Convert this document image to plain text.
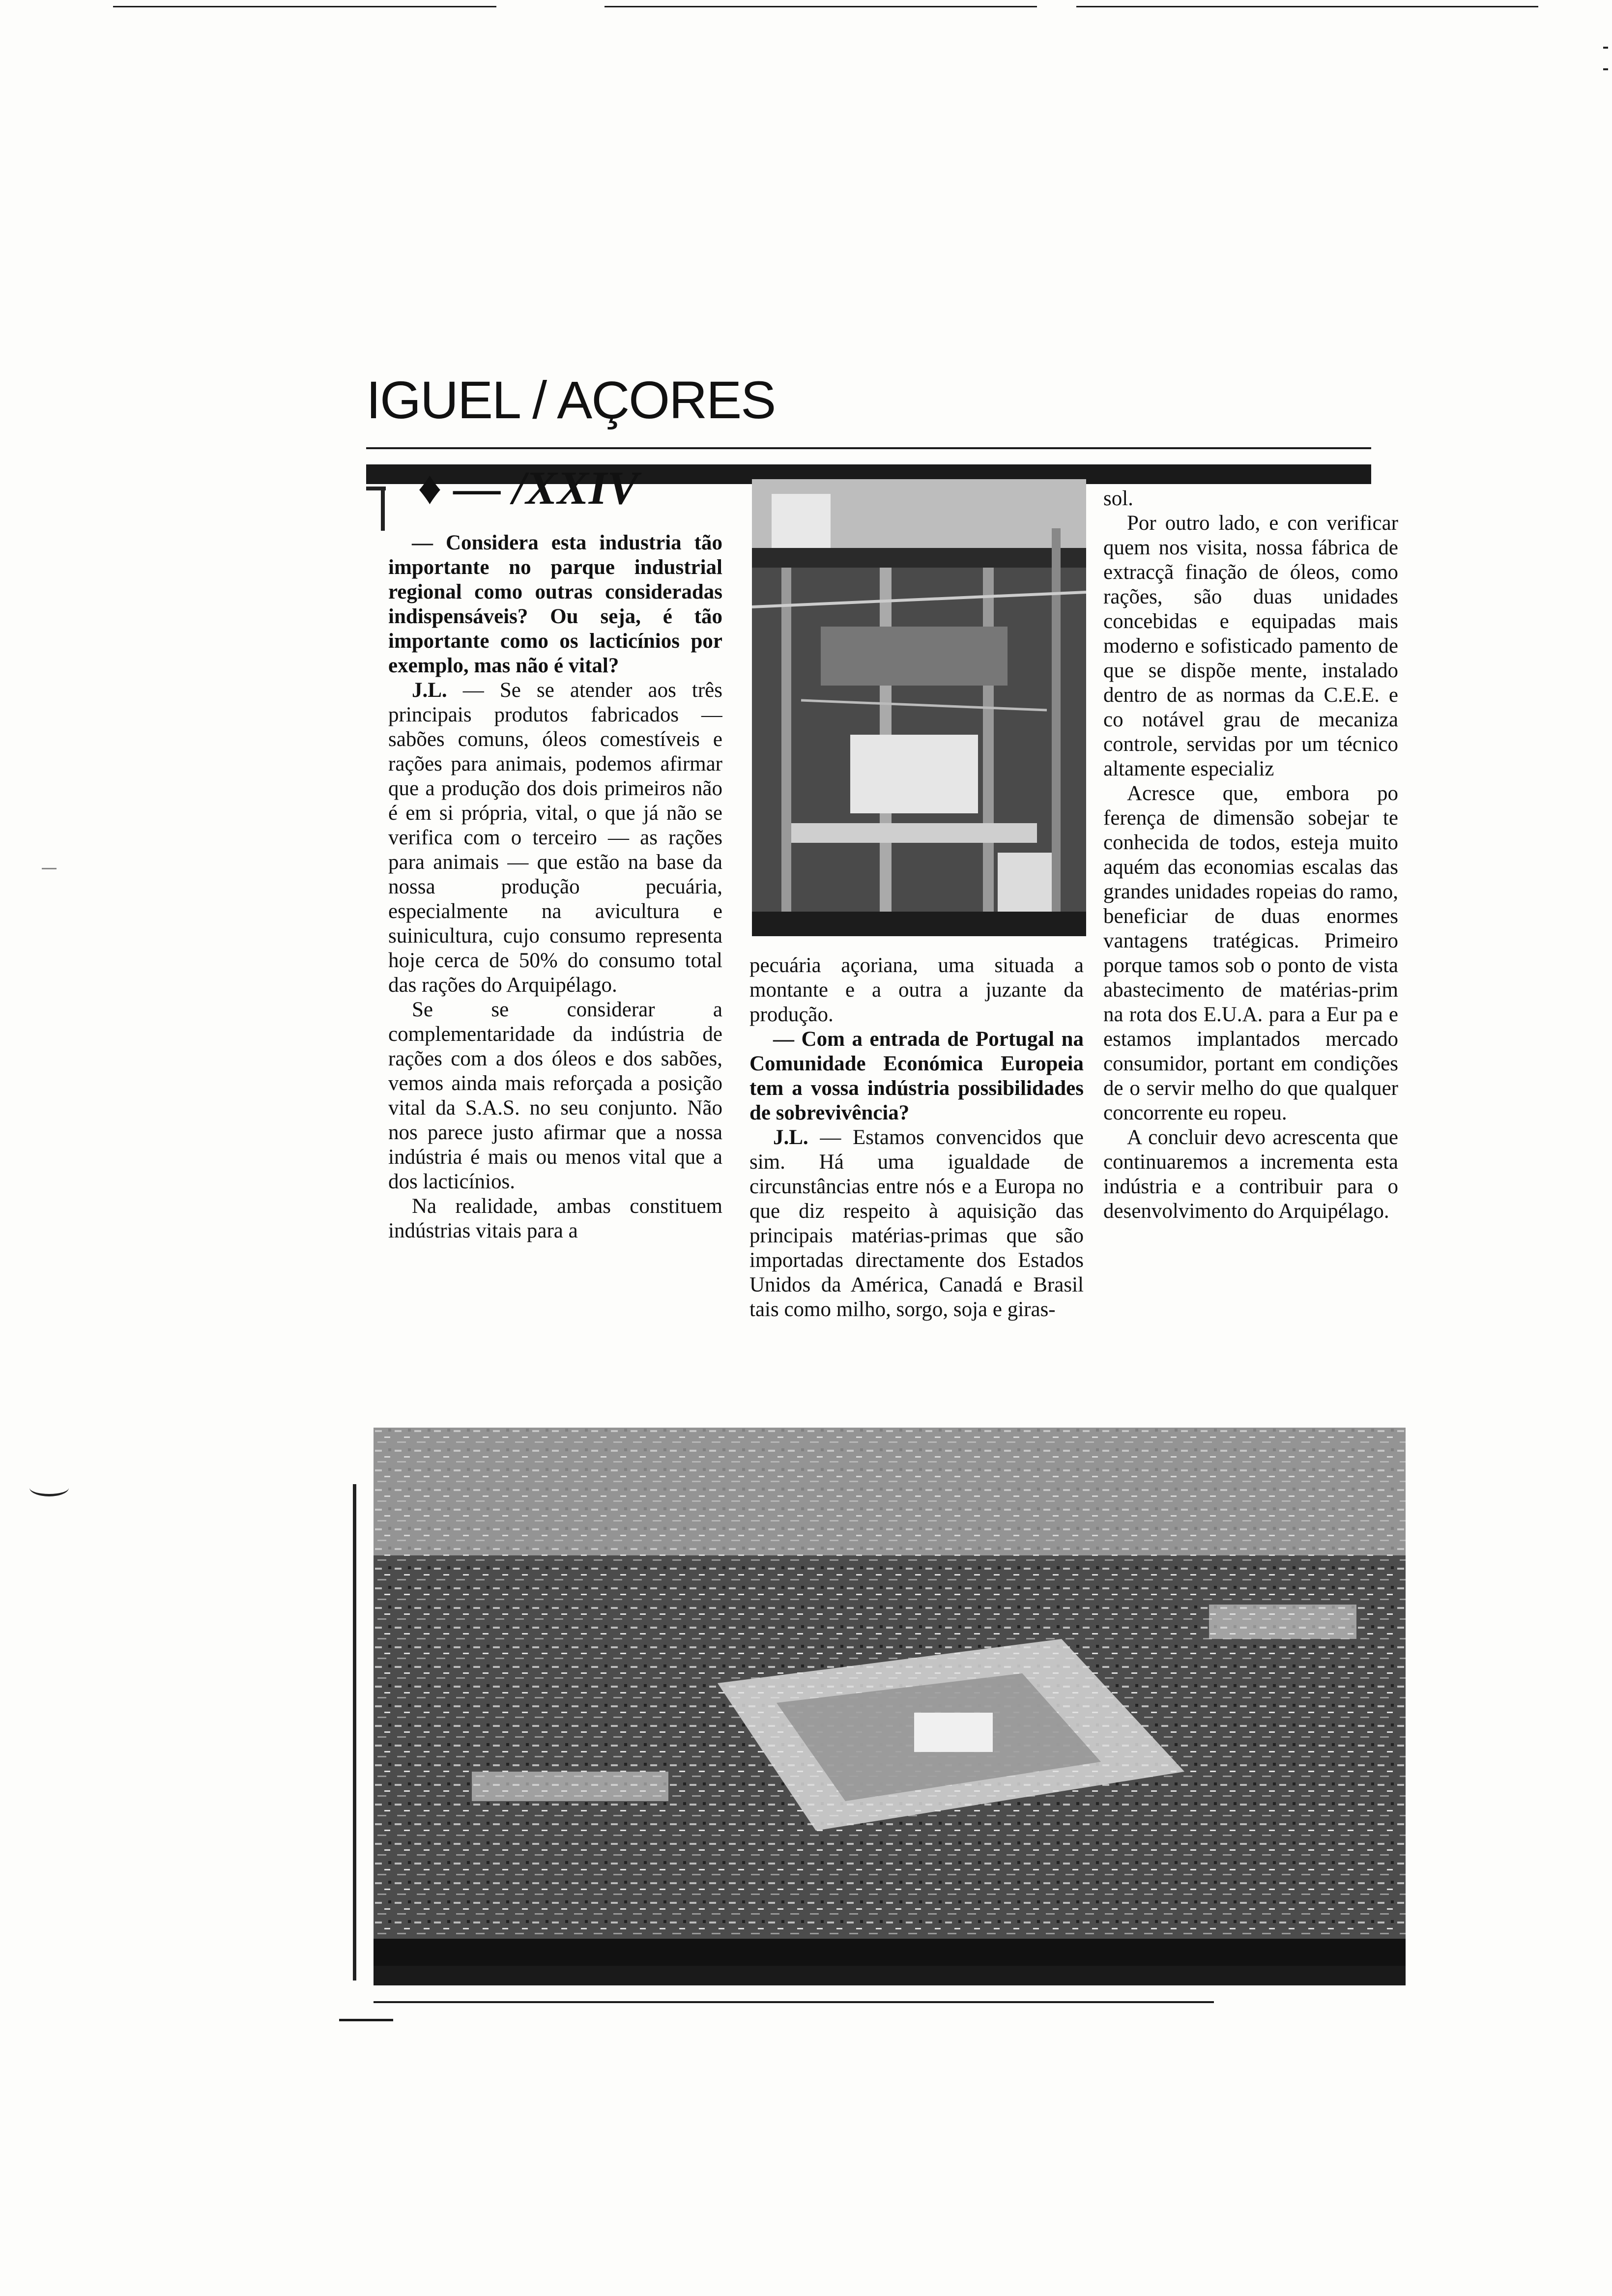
IGUEL / AÇORES
♦ — /XXIV

— Considera esta industria tão importante no parque industrial regional como outras consideradas indispensáveis? Ou seja, é tão importante como os lacticínios por exemplo, mas não é vital?

J.L. — Se se atender aos três principais produtos fabricados — sabões comuns, óleos comestíveis e rações para animais, podemos afirmar que a produção dos dois primeiros não é em si própria, vital, o que já não se verifica com o terceiro — as rações para animais — que estão na base da nossa produção pecuária, especialmente na avicultura e suinicultura, cujo consumo representa hoje cerca de 50% do consumo total das rações do Arquipélago.

Se se considerar a complementaridade da indústria de rações com a dos óleos e dos sabões, vemos ainda mais reforçada a posição vital da S.A.S. no seu conjunto. Não nos parece justo afirmar que a nossa indústria é mais ou menos vital que a dos lacticínios.

Na realidade, ambas constituem indústrias vitais para a

pecuária açoriana, uma situada a montante e a outra a juzante da produção.

— Com a entrada de Portugal na Comunidade Económica Europeia tem a vossa indústria possibilidades de sobrevivência?

J.L. — Estamos convencidos que sim. Há uma igualdade de circunstâncias entre nós e a Europa no que diz respeito à aquisição das principais matérias-primas que são importadas directamente dos Estados Unidos da América, Canadá e Brasil tais como milho, sorgo, soja e giras-

sol.

Por outro lado, e con verificar quem nos visita, nossa fábrica de extracçã finação de óleos, como rações, são duas unidades concebidas e equipadas mais moderno e sofisticado pamento de que se dispõe mente, instalado dentro de as normas da C.E.E. e co notável grau de mecaniza controle, servidas por um técnico altamente especializ

Acresce que, embora po ferença de dimensão sobejar te conhecida de todos, esteja muito aquém das economias escalas das grandes unidades ropeias do ramo, beneficiar de duas enormes vantagens tratégicas. Primeiro porque tamos sob o ponto de vista abastecimento de matérias-prim na rota dos E.U.A. para a Eur pa e estamos implantados mercado consumidor, portant em condições de o servir melho do que qualquer concorrente eu ropeu.

A concluir devo acrescenta que continuaremos a incrementa esta indústria e a contribuir para o desenvolvimento do Arquipélago.
